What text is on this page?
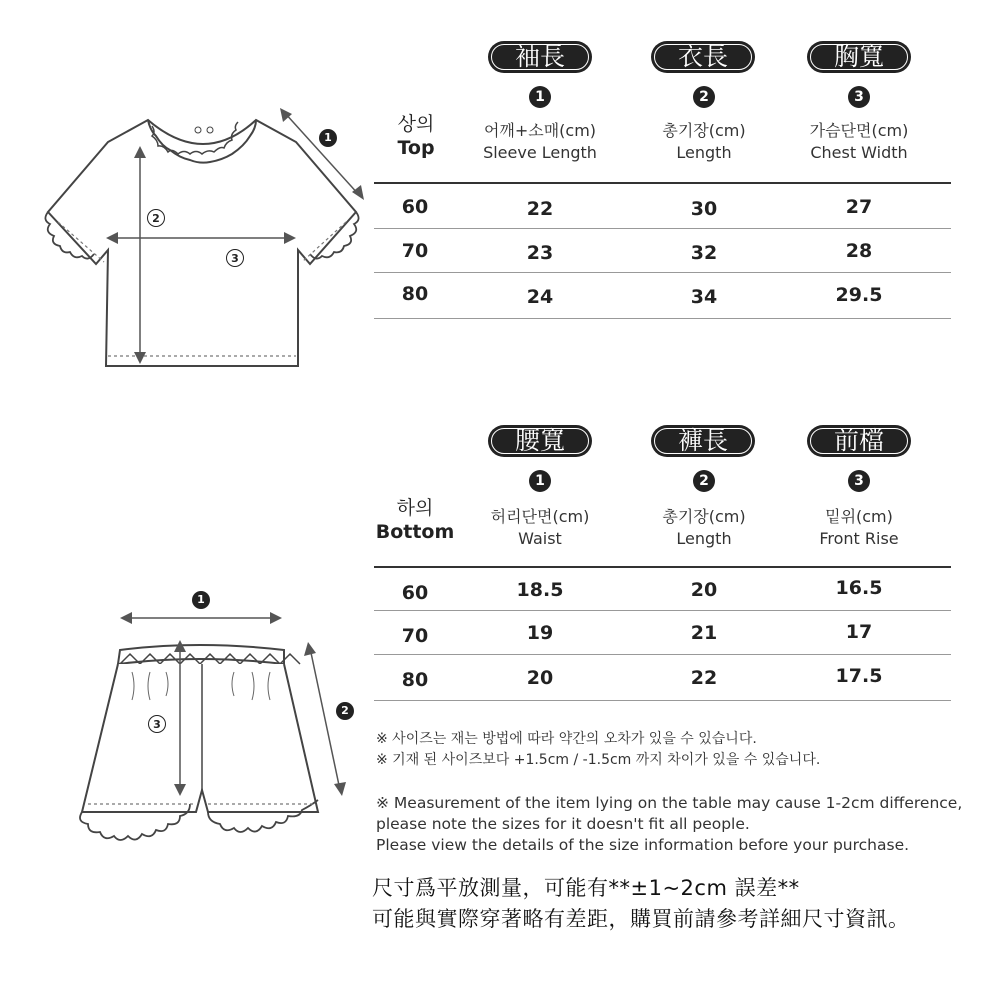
1
2
3
袖長	衣長	胸寬
1	2	3
상의
Top
어깨+소매(cm)
Sleeve Length
총기장(cm)
Length
가슴단면(cm)
Chest Width
60	22	30	27
70	23	32	28
80	24	34	29.5
1
2
3
腰寬	褲長	前檔
1	2	3
하의
Bottom
허리단면(cm)
Waist
총기장(cm)
Length
밑위(cm)
Front Rise
60	18.5	20	16.5
70	19	21	17
80	20	22	17.5
※ 사이즈는 재는 방법에 따라 약간의 오차가 있을 수 있습니다.
※ 기재 된 사이즈보다 +1.5cm / -1.5cm 까지 차이가 있을 수 있습니다.
※ Measurement of the item lying on the table may cause 1-2cm difference,
please note the sizes for it doesn't fit all people.
Please view the details of the size information before your purchase.
尺寸爲平放測量，可能有**±1~2cm 誤差**
可能與實際穿著略有差距，購買前請參考詳細尺寸資訊。
